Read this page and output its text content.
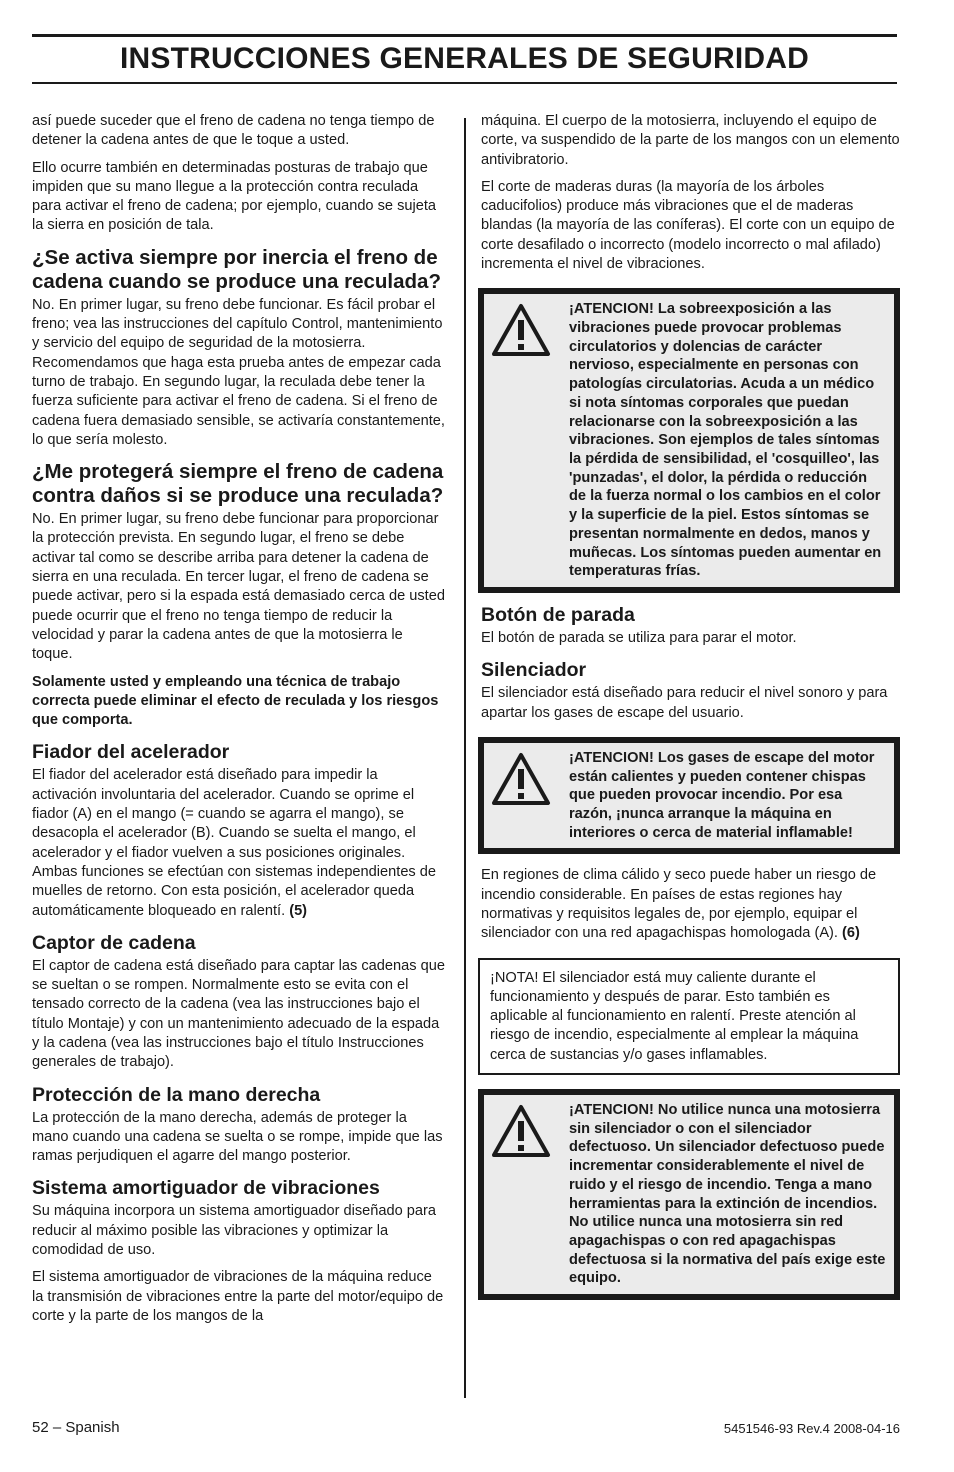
INSTRUCCIONES GENERALES DE SEGURIDAD

así puede suceder que el freno de cadena no tenga tiempo de detener la cadena antes de que le toque a usted.

Ello ocurre también en determinadas posturas de trabajo que impiden que su mano llegue a la protección contra reculada para activar el freno de cadena; por ejemplo, cuando se sujeta la sierra en posición de tala.

¿Se activa siempre por inercia el freno de cadena cuando se produce una reculada?

No. En primer lugar, su freno debe funcionar. Es fácil probar el freno; vea las instrucciones del capítulo Control, mantenimiento y servicio del equipo de seguridad de la motosierra. Recomendamos que haga esta prueba antes de empezar cada turno de trabajo. En segundo lugar, la reculada debe tener la fuerza suficiente para activar el freno de cadena. Si el freno de cadena fuera demasiado sensible, se activaría constantemente, lo que sería molesto.

¿Me protegerá siempre el freno de cadena contra daños si se produce una reculada?

No. En primer lugar, su freno debe funcionar para proporcionar la protección prevista. En segundo lugar, el freno se debe activar tal como se describe arriba para detener la cadena de sierra en una reculada. En tercer lugar, el freno de cadena se puede activar, pero si la espada está demasiado cerca de usted puede ocurrir que el freno no tenga tiempo de reducir la velocidad y parar la cadena antes de que la motosierra le toque.

Solamente usted y empleando una técnica de trabajo correcta puede eliminar el efecto de reculada y los riesgos que comporta.

Fiador del acelerador

El fiador del acelerador está diseñado para impedir la activación involuntaria del acelerador. Cuando se oprime el fiador (A) en el mango (= cuando se agarra el mango), se desacopla el acelerador (B). Cuando se suelta el mango, el acelerador y el fiador vuelven a sus posiciones originales. Ambas funciones se efectúan con sistemas independientes de muelles de retorno. Con esta posición, el acelerador queda automáticamente bloqueado en ralentí. (5)

Captor de cadena

El captor de cadena está diseñado para captar las cadenas que se sueltan o se rompen. Normalmente esto se evita con el tensado correcto de la cadena (vea las instrucciones bajo el título Montaje) y con un mantenimiento adecuado de la espada y la cadena (vea las instrucciones bajo el título Instrucciones generales de trabajo).

Protección de la mano derecha

La protección de la mano derecha, además de proteger la mano cuando una cadena se suelta o se rompe, impide que las ramas perjudiquen el agarre del mango posterior.

Sistema amortiguador de vibraciones

Su máquina incorpora un sistema amortiguador diseñado para reducir al máximo posible las vibraciones y optimizar la comodidad de uso.

El sistema amortiguador de vibraciones de la máquina reduce la transmisión de vibraciones entre la parte del motor/equipo de corte y la parte de los mangos de la

máquina. El cuerpo de la motosierra, incluyendo el equipo de corte, va suspendido de la parte de los mangos con un elemento antivibratorio.

El corte de maderas duras (la mayoría de los árboles caducifolios) produce más vibraciones que el de maderas blandas (la mayoría de las coníferas). El corte con un equipo de corte desafilado o incorrecto (modelo incorrecto o mal afilado) incrementa el nivel de vibraciones.

¡ATENCION! La sobreexposición a las vibraciones puede provocar problemas circulatorios y dolencias de carácter nervioso, especialmente en personas con patologías circulatorias. Acuda a un médico si nota síntomas corporales que puedan relacionarse con la sobreexposición a las vibraciones. Son ejemplos de tales síntomas la pérdida de sensibilidad, el 'cosquilleo', las 'punzadas', el dolor, la pérdida o reducción de la fuerza normal o los cambios en el color y la superficie de la piel. Estos síntomas se presentan normalmente en dedos, manos y muñecas. Los síntomas pueden aumentar en temperaturas frías.
Botón de parada

El botón de parada se utiliza para parar el motor.

Silenciador

El silenciador está diseñado para reducir el nivel sonoro y para apartar los gases de escape del usuario.

¡ATENCION! Los gases de escape del motor están calientes y pueden contener chispas que pueden provocar incendio. Por esa razón, ¡nunca arranque la máquina en interiores o cerca de material inflamable!

En regiones de clima cálido y seco puede haber un riesgo de incendio considerable. En países de estas regiones hay normativas y requisitos legales de, por ejemplo, equipar el silenciador con una red apagachispas homologada (A). (6)

¡NOTA! El silenciador está muy caliente durante el funcionamiento y después de parar. Esto también es aplicable al funcionamiento en ralentí. Preste atención al riesgo de incendio, especialmente al emplear la máquina cerca de sustancias y/o gases inflamables.
¡ATENCION! No utilice nunca una motosierra sin silenciador o con el silenciador defectuoso. Un silenciador defectuoso puede incrementar considerablemente el nivel de ruido y el riesgo de incendio. Tenga a mano herramientas para la extinción de incendios. No utilice nunca una motosierra sin red apagachispas o con red apagachispas defectuosa si la normativa del país exige este equipo.
52 – Spanish	5451546-93 Rev.4 2008-04-16
